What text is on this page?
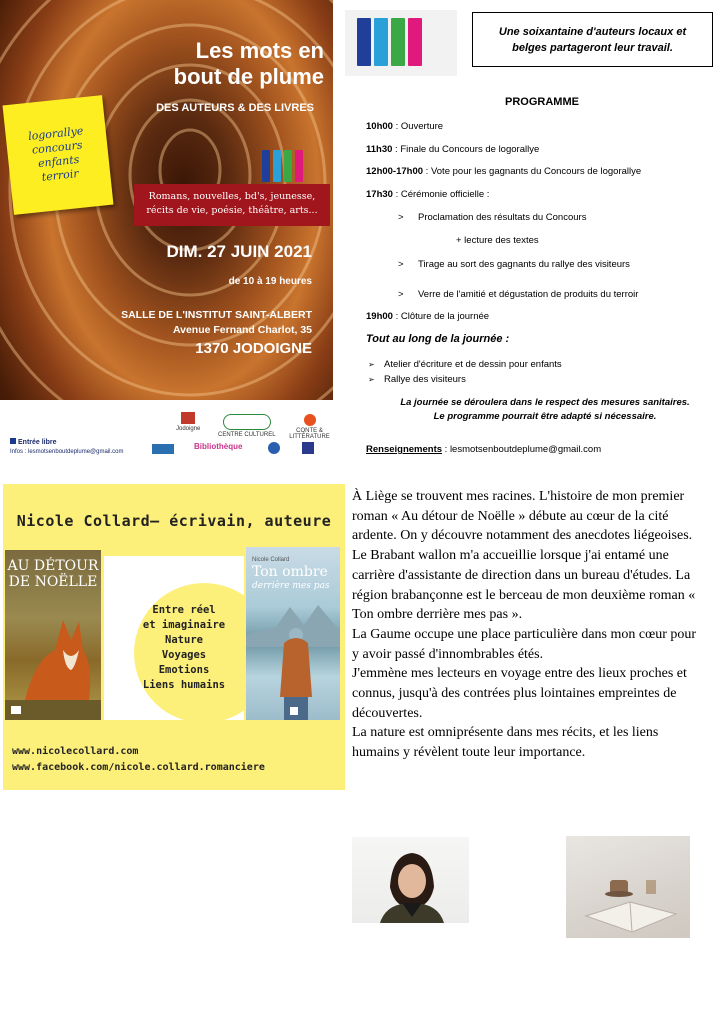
Les mots en
bout de plume
DES AUTEURS & DES LIVRES
logorallye
concours
enfants
terroir
Romans, nouvelles, bd's, jeunesse,
récits de vie, poésie, théâtre, arts...
DIM. 27 JUIN 2021
de 10 à 19 heures
SALLE DE L'INSTITUT SAINT-ALBERT
Avenue Fernand Charlot, 35
1370 JODOIGNE
Entrée libre
Infos : lesmotsenboutdeplume@gmail.com
Jodoigne
CENTRE CULTUREL
CONTE & LITTÉRATURE
Bibliothèque
Une soixantaine d'auteurs locaux et belges partageront leur travail.
PROGRAMME
10h00 : Ouverture
11h30 : Finale du Concours de logorallye
12h00-17h00 : Vote pour les gagnants du Concours de logorallye
17h30 : Cérémonie officielle :
> Proclamation des résultats du Concours
+ lecture des textes
> Tirage au sort des gagnants du rallye des visiteurs
> Verre de l'amitié et dégustation de produits du terroir
19h00 : Clôture de la journée
Tout au long de la journée :
➢ Atelier d'écriture et de dessin pour enfants
➢ Rallye des visiteurs
La journée se déroulera dans le respect des mesures sanitaires.
Le programme pourrait être adapté si nécessaire.
Renseignements : lesmotsenboutdeplume@gmail.com
Nicole Collard– écrivain, auteure
Entre réel
et imaginaire
Nature
Voyages
Emotions
Liens humains
AU DÉTOUR DE NOËLLE
Nicole Collard
Ton ombre
derrière mes pas
www.nicolecollard.com
www.facebook.com/nicole.collard.romanciere

À Liège se trouvent mes racines. L'histoire de mon premier roman « Au détour de Noëlle » débute au cœur de la cité ardente. On y découvre notamment des anecdotes liégeoises.

Le Brabant wallon m'a accueillie lorsque j'ai entamé une carrière d'assistante de direction dans un bureau d'études. La région brabançonne est le berceau de mon deuxième roman « Ton ombre derrière mes pas ».

La Gaume occupe une place particulière dans mon cœur pour y avoir passé d'innombrables étés.

J'emmène mes lecteurs en voyage entre des lieux proches et connus, jusqu'à des contrées plus lointaines empreintes de découvertes.

La nature est omniprésente dans mes récits, et les liens humains y révèlent toute leur importance.
